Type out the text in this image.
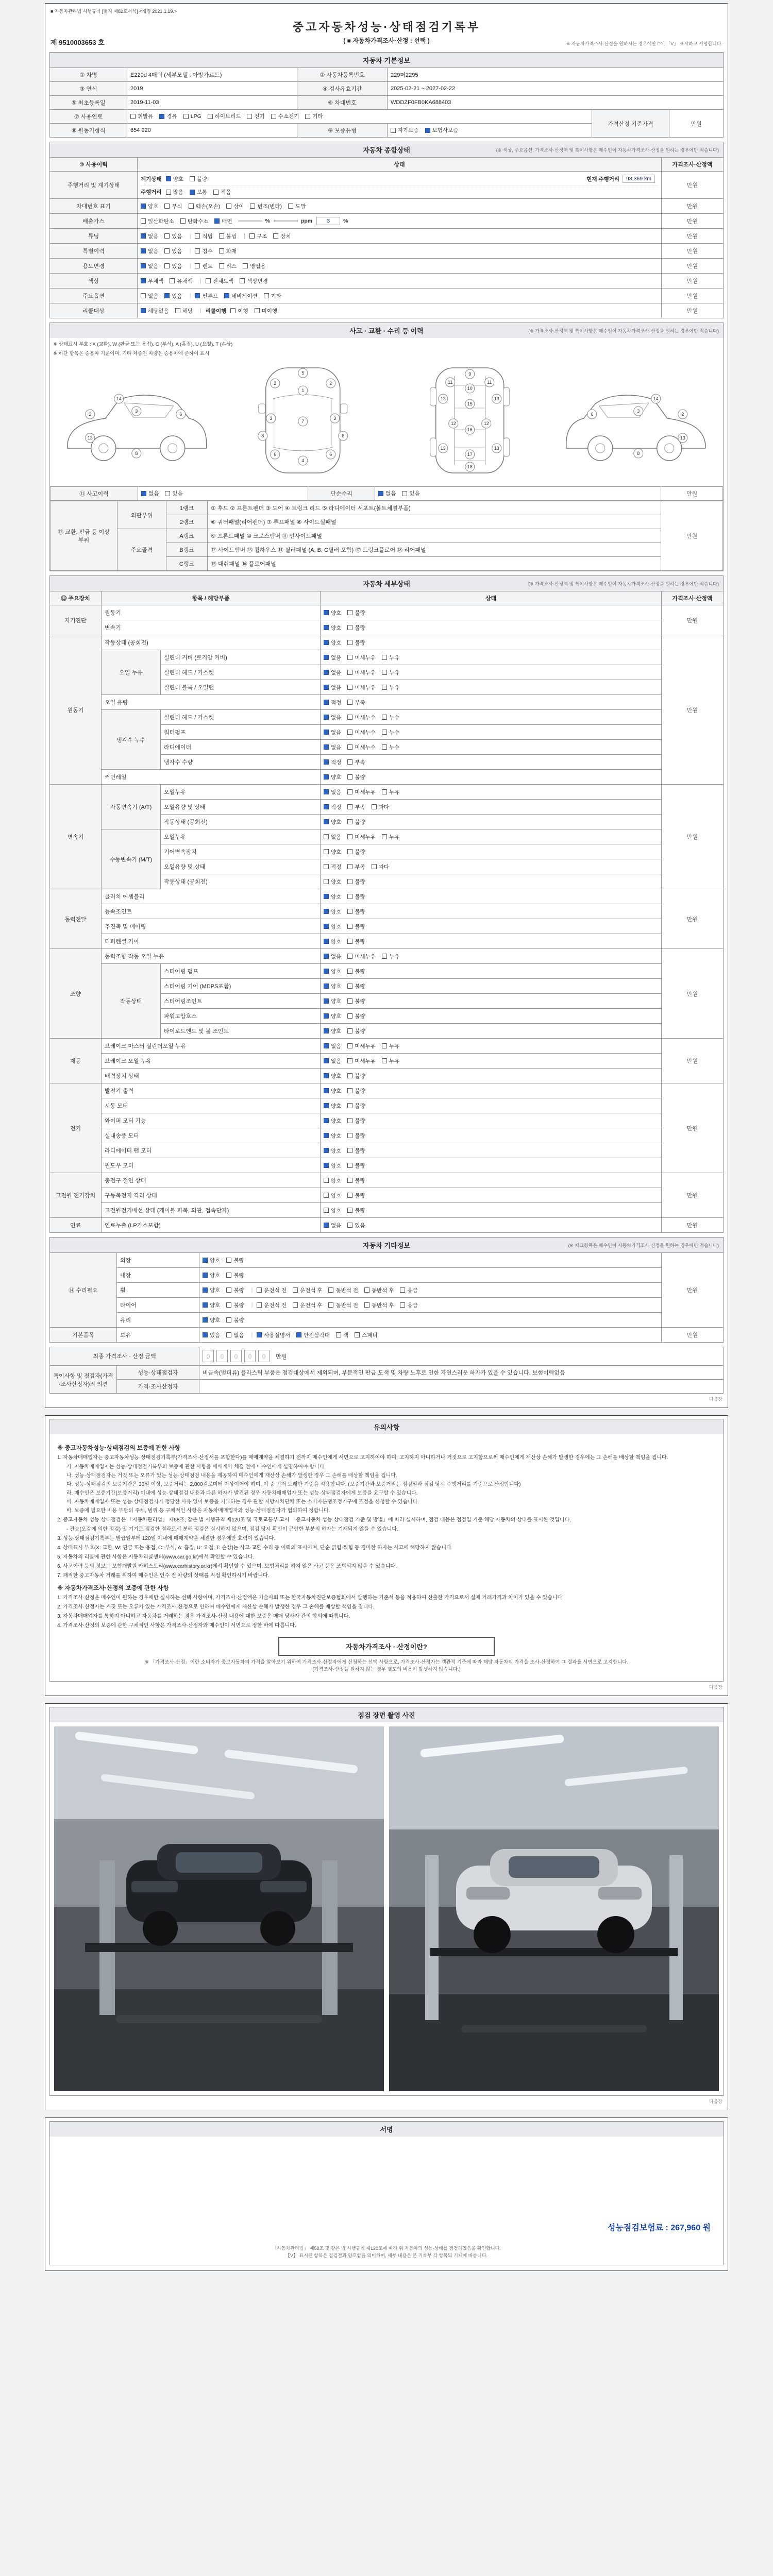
■ 자동차관리법 시행규칙 [별지 제82호서식] <개정 2021.1.19.>
중고자동차성능·상태점검기록부
( ■ 자동차가격조사·산정 : 선택 )
제 9510003653 호	※ 자동차가격조사·산정을 원하시는 경우에만 □에 「V」 표시하고 서명합니다.
자동차 기본정보
① 차명	E220d 4매틱 (세부모델 : 아방가르드)	② 자동차등록번호	229머2295		
③ 연식	2019	④ 검사유효기간	2025-02-21 ~ 2027-02-22		
⑤ 최초등록일	2019-11-03	⑥ 차대번호	WDDZF0FB0KA688403		
⑦ 사용연료	휘발유 경유 LPG 하이브리드 전기 수소전기 기타
	가격산정 기준가격	만원
⑧ 원동기형식	654 920	⑨ 보증유형	자가보증 보험사보증		
자동차 종합상태	(※ 색상, 주요옵션, 가격조사·산정액 및 특이사항은 매수인이 자동차가격조사·산정을 원하는 경우에만 적습니다)
⑩ 사용이력	상태	가격조사·산정액
주행거리 및 계기상태	
계기상태 양호 불량	현재 주행거리	93,369 km
주행거리 많음 보통 적음
	만원
차대번호 표기	양호 부식 훼손(오손) 상이 변조(변타) 도말	만원
배출가스	일산화탄소 탄화수소 매연	%	ppm	3	%	만원
튜닝	없음 있음 | 적법 불법 | 구조 장치	만원
특별이력	없음 있음 | 침수 화재	만원
용도변경	없음 있음 | 렌트 리스 영업용	만원
색상	무채색 유채색 | 전체도색 색상변경	만원
주요옵션	없음 있음 | 썬루프 네비게이션 기타	만원
리콜대상	해당없음 해당 | 리콜이행 이행 미이행	만원
사고 · 교환 · 수리 등 이력	(※ 가격조사·산정액 및 특이사항은 매수인이 자동차가격조사·산정을 원하는 경우에만 적습니다)
※ 상태표시 부호 : X (교환), W (판금 또는 용접), C (부식), A (흠집), U (요철), T (손상)
※ 하단 항목은 승용차 기준이며, 기타 차종인 차량은 승용차에 준하여 표시
2
3
6
14
8
13
5
1
2	2
3	3
7
8	8
6	6
4
9
11	11
10
13	13
15
12	12
16
13	13
17
18
6
3
2
14
8
13
⑪ 사고이력	없음 있음	단순수리	없음 있음	만원
⑫ 교환, 판금 등 이상 부위	외판부위	1랭크	① 후드 ② 프론트펜더 ③ 도어 ④ 트렁크 리드 ⑤ 라디에이터 서포트(볼트체결부품)	만원
		2랭크	⑥ 쿼터패널(리어펜더) ⑦ 루프패널 ⑧ 사이드실패널	
	주요골격	A랭크	⑨ 프론트패널 ⑩ 크로스멤버 ⑪ 인사이드패널	
		B랭크	⑫ 사이드멤버 ⑬ 휠하우스 ⑭ 필러패널 (A, B, C필러 포함) ⑰ 트렁크플로어 ⑱ 리어패널	
		C랭크	⑮ 대쉬패널 ⑯ 플로어패널	
자동차 세부상태	(※ 가격조사·산정액 및 특이사항은 매수인이 자동차가격조사·산정을 원하는 경우에만 적습니다)
⑬ 주요장치	항목 / 해당부품		상태	가격조사·산정액
자기진단	원동기		양호 불량	만원
	변속기		양호 불량	

원동기	작동상태 (공회전)		양호 불량	만원
	오일 누유	실린더 커버 (로커암 커버)	없음 미세누유 누유	

		실린더 헤드 / 가스켓	없음 미세누유 누유	

		실린더 블록 / 오일팬	없음 미세누유 누유	

	오일 유량		적정 부족	

	냉각수 누수	실린더 헤드 / 가스켓	없음 미세누수 누수	

		워터펌프	없음 미세누수 누수	

		라디에이터	없음 미세누수 누수	

		냉각수 수량	적정 부족	

	커먼레일		양호 불량	

변속기	자동변속기 (A/T)	오일누유	없음 미세누유 누유	만원
		오일유량 및 상태	적정 부족 과다	

		작동상태 (공회전)	양호 불량	

	수동변속기 (M/T)	오일누유	없음 미세누유 누유	

		기어변속장치	양호 불량	

		오일유량 및 상태	적정 부족 과다	

		작동상태 (공회전)	양호 불량	

동력전달	클러치 어셈블리		양호 불량	만원
	등속조인트		양호 불량	

	추진축 및 베어링		양호 불량	

	디퍼렌셜 기어		양호 불량	

조향	동력조향 작동 오일 누유		없음 미세누유 누유	만원
	작동상태	스티어링 펌프	양호 불량	

		스티어링 기어 (MDPS포함)	양호 불량	

		스티어링조인트	양호 불량	

		파워고압호스	양호 불량	

		타이로드엔드 및 볼 조인트	양호 불량	

제동	브레이크 마스터 실린더오일 누유		없음 미세누유 누유	만원
	브레이크 오일 누유		없음 미세누유 누유	

	배력장치 상태		양호 불량	

전기	발전기 출력		양호 불량	만원
	시동 모터		양호 불량	

	와이퍼 모터 기능		양호 불량	

	실내송풍 모터		양호 불량	

	라디에이터 팬 모터		양호 불량	

	윈도우 모터		양호 불량	

고전원 전기장치	충전구 절연 상태		양호 불량	만원
	구동축전지 격리 상태		양호 불량	

	고전원전기배선 상태 (케이블 피복, 외관, 접속단자)		양호 불량	

연료	연료누출 (LP가스포함)		없음 있음	만원
자동차 기타정보	(※ 체크항목은 매수인이 자동차가격조사·산정을 원하는 경우에만 적습니다)
⑭ 수리필요	외장	양호 불량	만원
	내장	양호 불량	

휠	양호 불량 | 운전석 전 운전석 후 동반석 전 동반석 후 응급

타이어	양호 불량 | 운전석 전 운전석 후 동반석 전 동반석 후 응급

	유리	양호 불량	

기본품목	보유	있음 없음 | 사용설명서 안전삼각대 잭 스패너	만원
최종 가격조사 · 산정 금액	0 0 0 0 0 만원
특이사항 및 점검자(가격·조사산정자)의 의견	성능·상태점검자	비금속(범퍼류) 플라스틱 부품은 점검대상에서 제외되며, 부분적인 판금·도색 및 차량 노후로 인한 자연스러운 하자가 있을 수 있습니다. 보험이력없음
	가격·조사산정자	
다음장
유의사항
※ 중고자동차성능·상태점검의 보증에 관한 사항
1. 자동차매매업자는 중고자동차성능·상태점검기록부(가격조사·산정서를 포함한다)를 매매계약을 체결하기 전까지 매수인에게 서면으로 고지하여야 하며, 고지하지 아니하거나 거짓으로 고지함으로써 매수인에게 재산상 손해가 발생한 경우에는 그 손해를 배상할 책임을 집니다.
가. 자동차매매업자는 성능·상태점검기록부의 보증에 관한 사항을 매매계약 체결 전에 매수인에게 설명하여야 합니다.
나. 성능·상태점검자는 거짓 또는 오류가 있는 성능·상태점검 내용을 제공하여 매수인에게 재산상 손해가 발생한 경우 그 손해를 배상할 책임을 집니다.
다. 성능·상태점검의 보증기간은 30일 이상, 보증거리는 2,000킬로미터 이상이어야 하며, 이 중 먼저 도래한 기준을 적용합니다. (보증기간과 보증거리는 점검일과 점검 당시 주행거리를 기준으로 산정합니다)
라. 매수인은 보증기간(보증거리) 이내에 성능·상태점검 내용과 다른 하자가 발견된 경우 자동차매매업자 또는 성능·상태점검자에게 보증을 요구할 수 있습니다.
마. 자동차매매업자 또는 성능·상태점검자가 정당한 사유 없이 보증을 거부하는 경우 관할 지방자치단체 또는 소비자분쟁조정기구에 조정을 신청할 수 있습니다.
바. 보증에 필요한 비용 부담의 주체, 범위 등 구체적인 사항은 자동차매매업자와 성능·상태점검자가 협의하여 정합니다.
2. 중고자동차 성능·상태점검은 「자동차관리법」 제58조, 같은 법 시행규칙 제120조 및 국토교통부 고시 「중고자동차 성능·상태점검 기준 및 방법」에 따라 실시하며, 점검 내용은 점검일 기준 해당 자동차의 상태를 표시한 것입니다.
- 관능(오감에 의한 점검) 및 기기로 점검한 결과로서 분해 점검은 실시하지 않으며, 점검 당시 확인이 곤란한 부분의 하자는 기재되지 않을 수 있습니다.
3. 성능·상태점검기록부는 발급일부터 120일 이내에 매매계약을 체결한 경우에만 효력이 있습니다.
4. 상태표시 부호(X: 교환, W: 판금 또는 용접, C: 부식, A: 흠집, U: 요철, T: 손상)는 사고·교환·수리 등 이력의 표시이며, 단순 긁힘·찍힘 등 경미한 하자는 사고에 해당하지 않습니다.
5. 자동차의 리콜에 관한 사항은 자동차리콜센터(www.car.go.kr)에서 확인할 수 있습니다.
6. 사고이력 등의 정보는 보험개발원 카히스토리(www.carhistory.or.kr)에서 확인할 수 있으며, 보험처리를 하지 않은 사고 등은 조회되지 않을 수 있습니다.
7. 쾌적한 중고자동차 거래를 위하여 매수인은 인수 전 차량의 상태를 직접 확인하시기 바랍니다.
※ 자동차가격조사·산정의 보증에 관한 사항
1. 가격조사·산정은 매수인이 원하는 경우에만 실시하는 선택 사항이며, 가격조사·산정액은 기술사회 또는 한국자동차진단보증협회에서 발행하는 기준서 등을 적용하여 산출한 가격으로서 실제 거래가격과 차이가 있을 수 있습니다.
2. 가격조사·산정자는 거짓 또는 오류가 있는 가격조사·산정으로 인하여 매수인에게 재산상 손해가 발생한 경우 그 손해를 배상할 책임을 집니다.
3. 자동차매매업자를 통하지 아니하고 자동차를 거래하는 경우 가격조사·산정 내용에 대한 보증은 매매 당사자 간의 합의에 따릅니다.
4. 가격조사·산정의 보증에 관한 구체적인 사항은 가격조사·산정자와 매수인이 서면으로 정한 바에 따릅니다.
자동차가격조사 · 산정이란?
※ 「가격조사·산정」이란 소비자가 중고자동차의 가격을 알아보기 위하여 가격조사·산정자에게 신청하는 선택 사항으로, 가격조사·산정자는 객관적 기준에 따라 해당 자동차의 가격을 조사·산정하여 그 결과를 서면으로 고지합니다.
(가격조사·산정을 원하지 않는 경우 별도의 비용이 발생하지 않습니다.)
다음장
점검 장면 촬영 사진
다음장
서명
성능점검보험료 : 267,960 원
「자동차관리법」 제58조 및 같은 법 시행규칙 제120조에 따라 위 자동차의 성능·상태를 점검하였음을 확인합니다.
【V】 표시된 항목은 점검결과 양호함을 의미하며, 세부 내용은 본 기록부 각 항목의 기재에 따릅니다.
